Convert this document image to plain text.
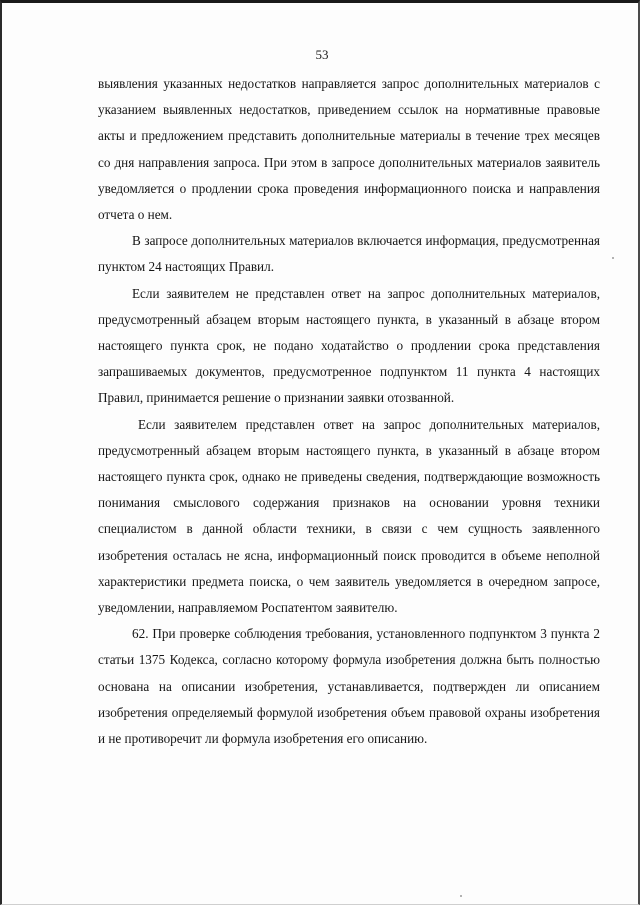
53

выявления указанных недостатков направляется запрос дополнительных материалов с указанием выявленных недостатков, приведением ссылок на нормативные правовые акты и предложением представить дополнительные материалы в течение трех месяцев со дня направления запроса. При этом в запросе дополнительных материалов заявитель уведомляется о продлении срока проведения информационного поиска и направления отчета о нем.

В запросе дополнительных материалов включается информация, предусмотренная пунктом 24 настоящих Правил.

Если заявителем не представлен ответ на запрос дополнительных материалов, предусмотренный абзацем вторым настоящего пункта, в указанный в абзаце втором настоящего пункта срок, не подано ходатайство о продлении срока представления запрашиваемых документов, предусмотренное подпунктом 11 пункта 4 настоящих Правил, принимается решение о признании заявки отозванной.

Если заявителем представлен ответ на запрос дополнительных материалов, предусмотренный абзацем вторым настоящего пункта, в указанный в абзаце втором настоящего пункта срок, однако не приведены сведения, подтверждающие возможность понимания смыслового содержания признаков на основании уровня техники специалистом в данной области техники, в связи с чем сущность заявленного изобретения осталась не ясна, информационный поиск проводится в объеме неполной характеристики предмета поиска, о чем заявитель уведомляется в очередном запросе, уведомлении, направляемом Роспатентом заявителю.

62. При проверке соблюдения требования, установленного подпунктом 3 пункта 2 статьи 1375 Кодекса, согласно которому формула изобретения должна быть полностью основана на описании изобретения, устанавливается, подтвержден ли описанием изобретения определяемый формулой изобретения объем правовой охраны изобретения и не противоречит ли формула изобретения его описанию.
